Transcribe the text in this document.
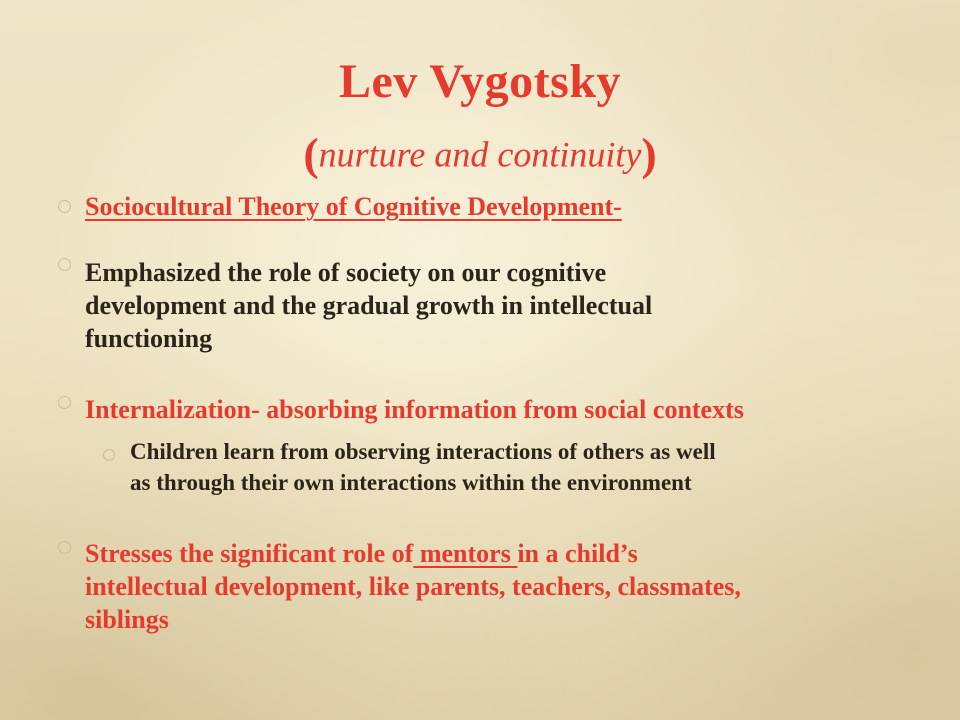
Lev Vygotsky
(nurture and continuity)

Sociocultural Theory of Cognitive Development-

Emphasized the role of society on our cognitive
development and the gradual growth in intellectual
functioning

Internalization- absorbing information from social contexts

Children learn from observing interactions of others as well
as through their own interactions within the environment
Stresses the significant role of mentors in a child’s
intellectual development, like parents, teachers, classmates,
siblings
